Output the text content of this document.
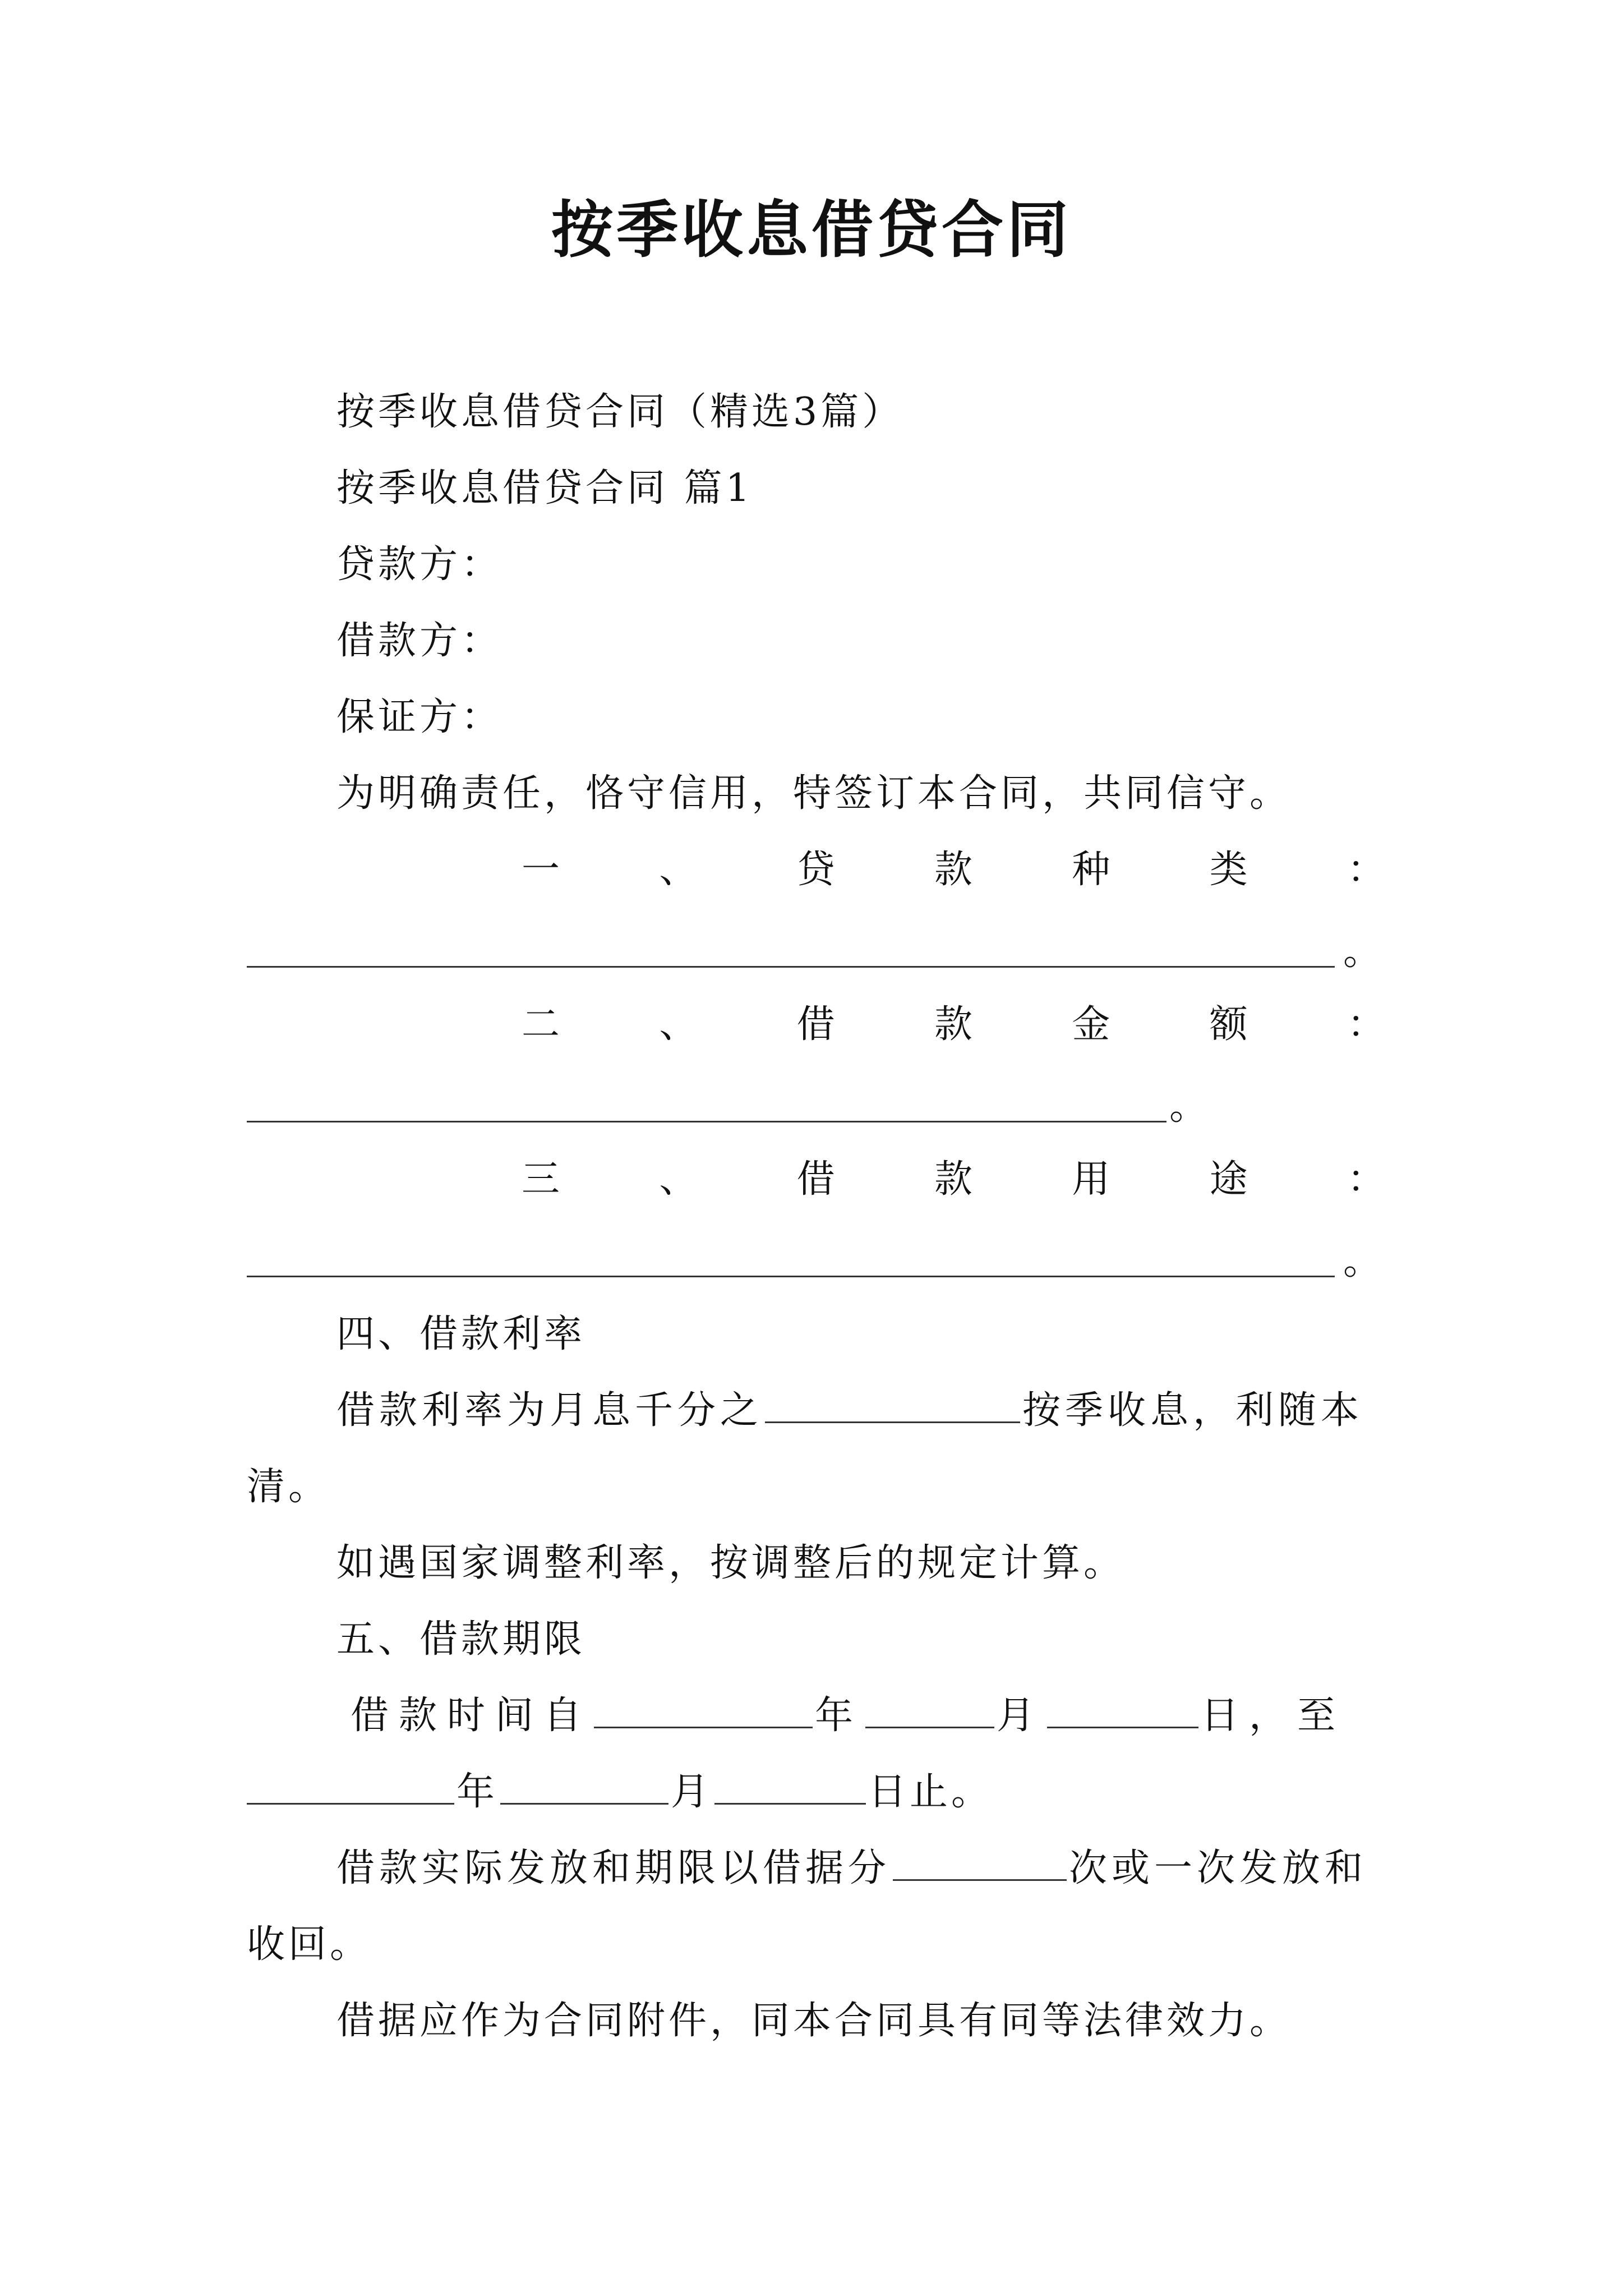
按季收息借贷合同
按季收息借贷合同（精选3篇）
按季收息借贷合同 篇1
贷款方：
借款方：
保证方：
为明确责任，恪守信用，特签订本合同，共同信守。
一	、	贷	款	种	类	：
。
二	、	借	款	金	额	：
。
三	、	借	款	用	途	：
。
四、借款利率
借款利率为月息千分之	按季收息，利随本
清。
如遇国家调整利率，按调整后的规定计算。
五、借款期限
借款时间自	年	月	日，至
年	月	日止。
借款实际发放和期限以借据分	次或一次发放和
收回。
借据应作为合同附件，同本合同具有同等法律效力。
